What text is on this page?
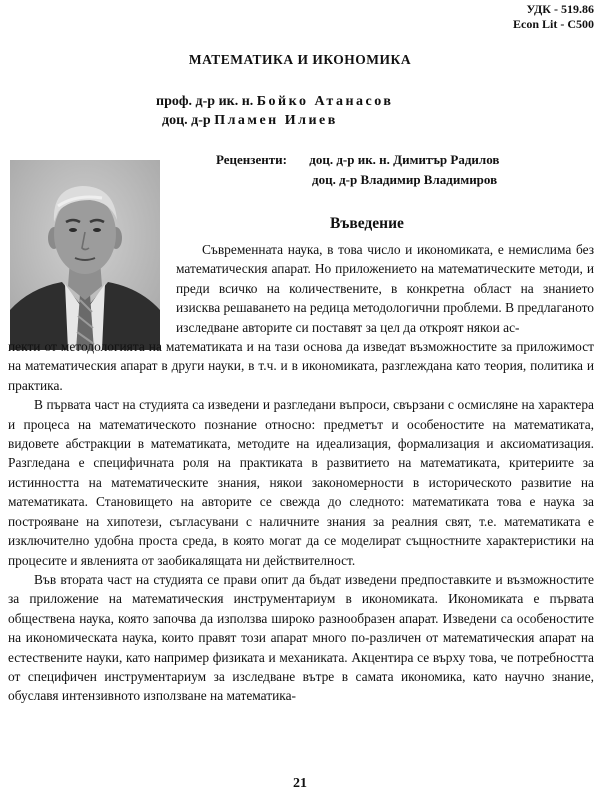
УДК - 519.86
Econ Lit - С500
МАТЕМАТИКА И ИКОНОМИКА
проф. д-р ик. н. Бойко Атанасов
доц. д-р Пламен Илиев
Рецензенти: доц. д-р ик. н. Димитър Радилов
доц. д-р Владимир Владимиров
Въведение

Съвременната наука, в това число и икономиката, е немислима без математическия апарат. Но приложението на математическите методи, и преди всичко на количествените, в конкретна област на знанието изисква решаването на редица методологични проблеми. В предлаганото изследване авторите си поставят за цел да откроят някои ас-

пекти от методологията на математиката и на тази основа да изведат възможностите за приложимост на математическия апарат в други науки, в т.ч. и в икономиката, разглеждана като теория, политика и практика.

В първата част на студията са изведени и разгледани въпроси, свързани с осмисляне на характера и процеса на математическото познание относно: предметът и особеностите на математиката, видовете абстракции в математиката, методите на идеализация, формализация и аксиоматизация. Разгледана е специфичната роля на практиката в развитието на математиката, критериите за истинността на математическите знания, някои закономерности в историческото развитие на математиката. Становището на авторите се свежда до следното: математиката това е наука за построяване на хипотези, съгласувани с наличните знания за реалния свят, т.е. математиката е изключително удобна проста среда, в която могат да се моделират същностните характеристики на процесите и явленията от заобикалящата ни действителност.

Във втората част на студията се прави опит да бъдат изведени предпоставките и възможностите за приложение на математическия инструментариум в икономиката. Икономиката е първата обществена наука, която започва да използва широко разнообразен апарат. Изведени са особеностите на икономическата наука, които правят този апарат много по-различен от математическия апарат на естествените науки, като например физиката и механиката. Акцентира се върху това, че потребността от специфичен инструментариум за изследване вътре в самата икономика, като научно знание, обуславя интензивното използване на математика-

21
